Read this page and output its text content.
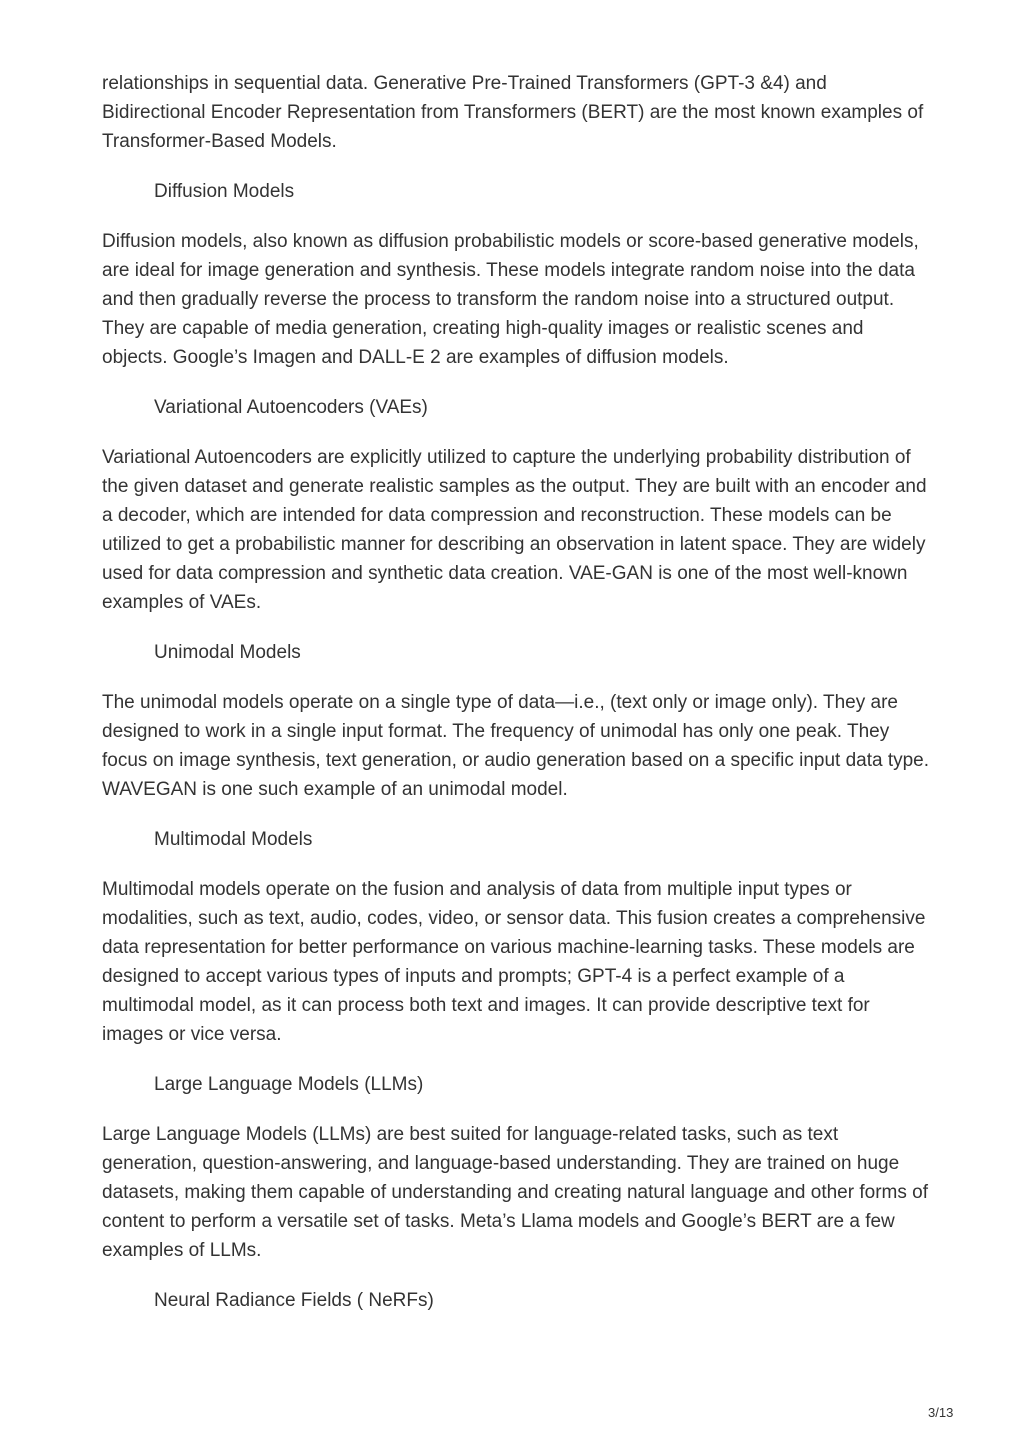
relationships in sequential data. Generative Pre-Trained Transformers (GPT-3 &4) and Bidirectional Encoder Representation from Transformers (BERT) are the most known examples of Transformer-Based Models.

Diffusion Models

Diffusion models, also known as diffusion probabilistic models or score-based generative models, are ideal for image generation and synthesis. These models integrate random noise into the data and then gradually reverse the process to transform the random noise into a structured output. They are capable of media generation, creating high-quality images or realistic scenes and objects. Google’s Imagen and DALL-E 2 are examples of diffusion models.

Variational Autoencoders (VAEs)

Variational Autoencoders are explicitly utilized to capture the underlying probability distribution of the given dataset and generate realistic samples as the output. They are built with an encoder and a decoder, which are intended for data compression and reconstruction. These models can be utilized to get a probabilistic manner for describing an observation in latent space. They are widely used for data compression and synthetic data creation. VAE-GAN is one of the most well-known examples of VAEs.

Unimodal Models

The unimodal models operate on a single type of data—i.e., (text only or image only). They are designed to work in a single input format. The frequency of unimodal has only one peak. They focus on image synthesis, text generation, or audio generation based on a specific input data type. WAVEGAN is one such example of an unimodal model.

Multimodal Models

Multimodal models operate on the fusion and analysis of data from multiple input types or modalities, such as text, audio, codes, video, or sensor data. This fusion creates a comprehensive data representation for better performance on various machine-learning tasks. These models are designed to accept various types of inputs and prompts; GPT-4 is a perfect example of a multimodal model, as it can process both text and images. It can provide descriptive text for images or vice versa.

Large Language Models (LLMs)

Large Language Models (LLMs) are best suited for language-related tasks, such as text generation, question-answering, and language-based understanding. They are trained on huge datasets, making them capable of understanding and creating natural language and other forms of content to perform a versatile set of tasks. Meta’s Llama models and Google’s BERT are a few examples of LLMs.

Neural Radiance Fields ( NeRFs)
3/13
